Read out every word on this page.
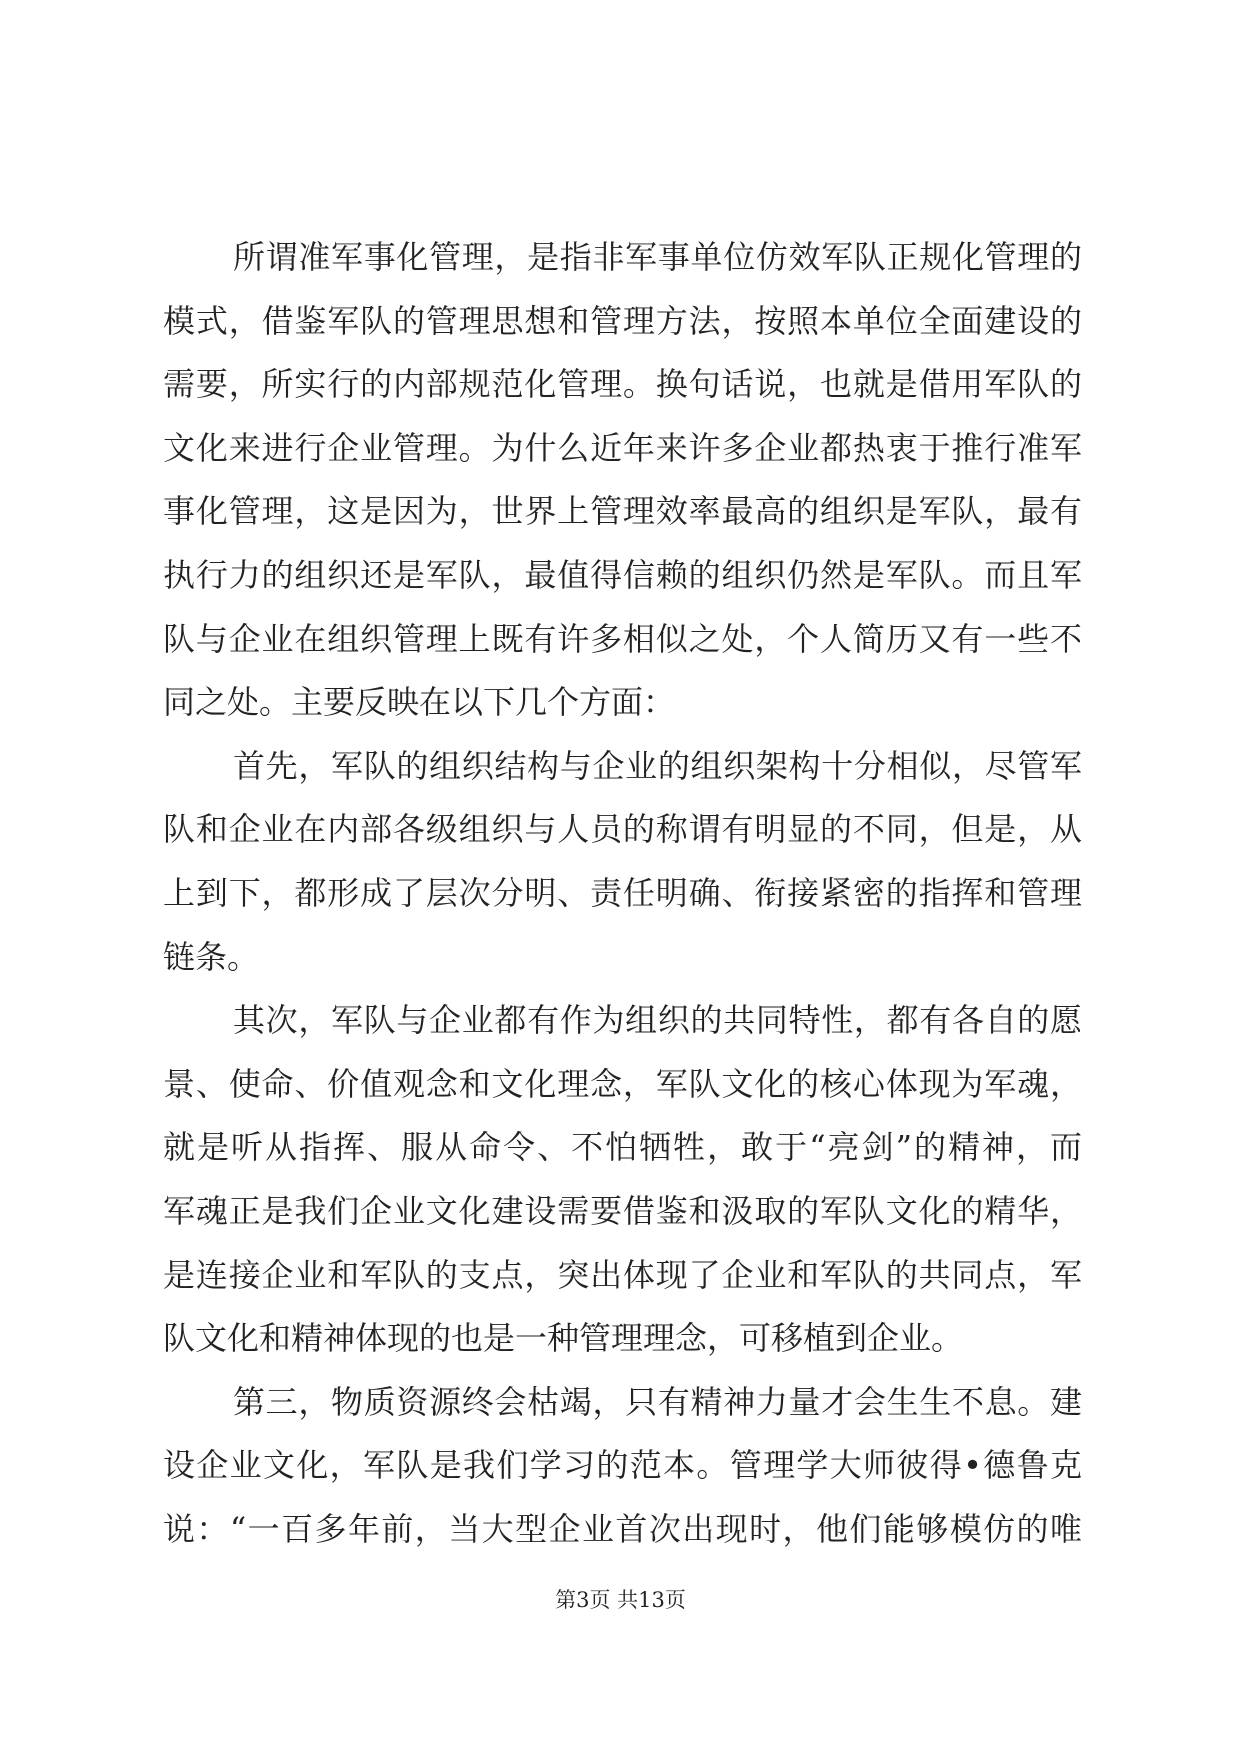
所谓准军事化管理，是指非军事单位仿效军队正规化管理的
模式，借鉴军队的管理思想和管理方法，按照本单位全面建设的
需要，所实行的内部规范化管理。换句话说，也就是借用军队的
文化来进行企业管理。为什么近年来许多企业都热衷于推行准军
事化管理，这是因为，世界上管理效率最高的组织是军队，最有
执行力的组织还是军队，最值得信赖的组织仍然是军队。而且军
队与企业在组织管理上既有许多相似之处，个人简历又有一些不
同之处。主要反映在以下几个方面：
首先，军队的组织结构与企业的组织架构十分相似，尽管军
队和企业在内部各级组织与人员的称谓有明显的不同，但是，从
上到下，都形成了层次分明、责任明确、衔接紧密的指挥和管理
链条。
其次，军队与企业都有作为组织的共同特性，都有各自的愿
景、使命、价值观念和文化理念，军队文化的核心体现为军魂，
就是听从指挥、服从命令、不怕牺牲，敢于“亮剑”的精神，而
军魂正是我们企业文化建设需要借鉴和汲取的军队文化的精华，
是连接企业和军队的支点，突出体现了企业和军队的共同点，军
队文化和精神体现的也是一种管理理念，可移植到企业。
第三，物质资源终会枯竭，只有精神力量才会生生不息。建
设企业文化，军队是我们学习的范本。管理学大师彼得•德鲁克
说：“一百多年前，当大型企业首次出现时，他们能够模仿的唯
第3页 共13页
